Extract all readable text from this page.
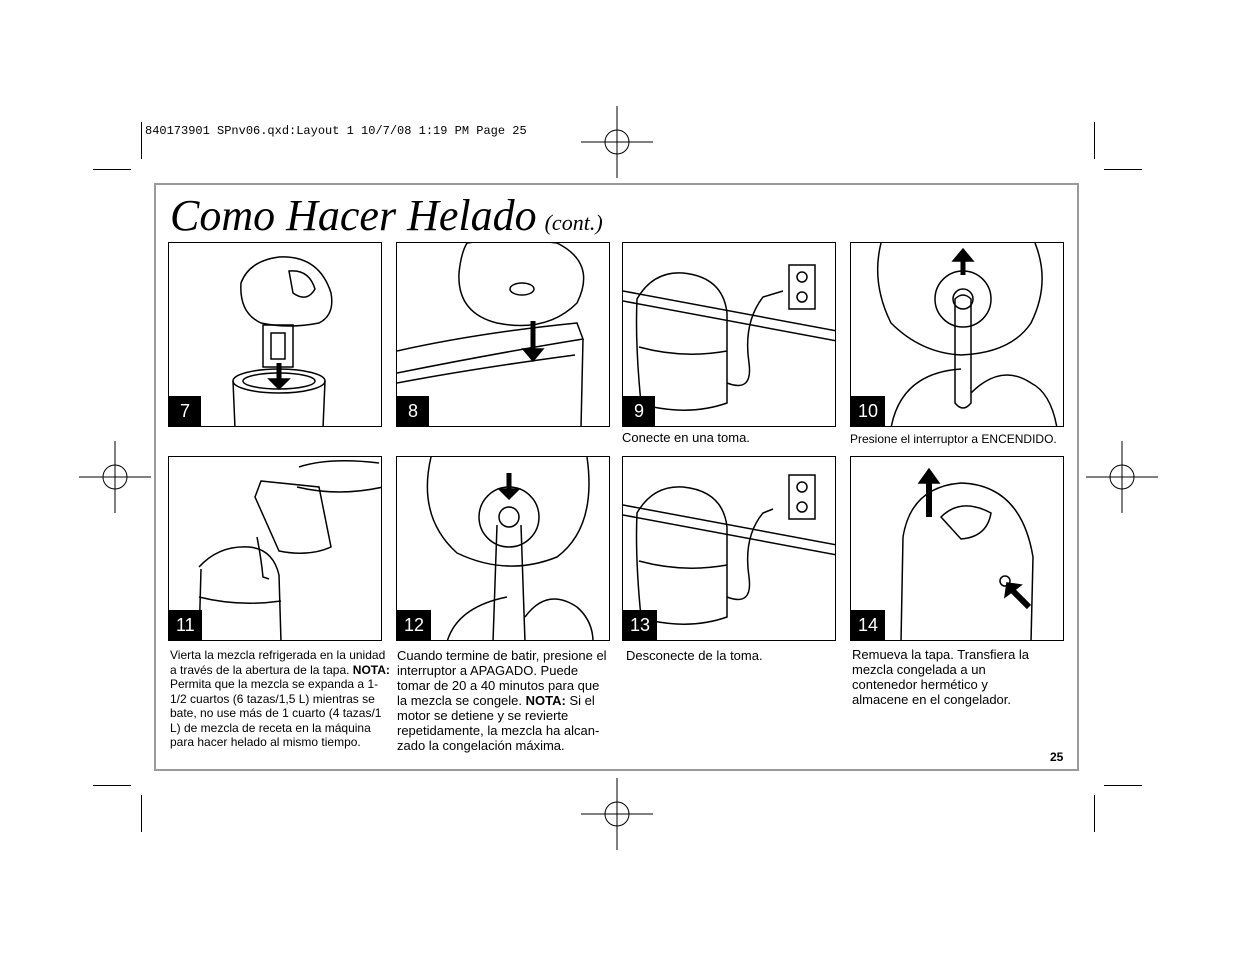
840173901 SPnv06.qxd:Layout 1 10/7/08 1:19 PM Page 25
Como Hacer Helado (cont.)
7	8	9
Conecte en una toma.
10
Presione el interruptor a ENCENDIDO.
11
Vierta la mezcla refrigerada en la unidad a través de la abertura de la tapa. NOTA: Permita que la mezcla se expanda a 1-1/2 cuartos (6 tazas/1,5 L) mientras se bate, no use más de 1 cuarto (4 tazas/1 L) de mezcla de receta en la máquina para hacer helado al mismo tiempo.
12
Cuando termine de batir, presione el interruptor a APAGADO. Puede tomar de 20 a 40 minutos para que la mezcla se congele. NOTA: Si el motor se detiene y se revierte repetidamente, la mezcla ha alcan-zado la congelación máxima.
13
Desconecte de la toma.
14
Remueva la tapa. Transfiera la mezcla congelada a un contenedor hermético y almacene en el congelador.
25
